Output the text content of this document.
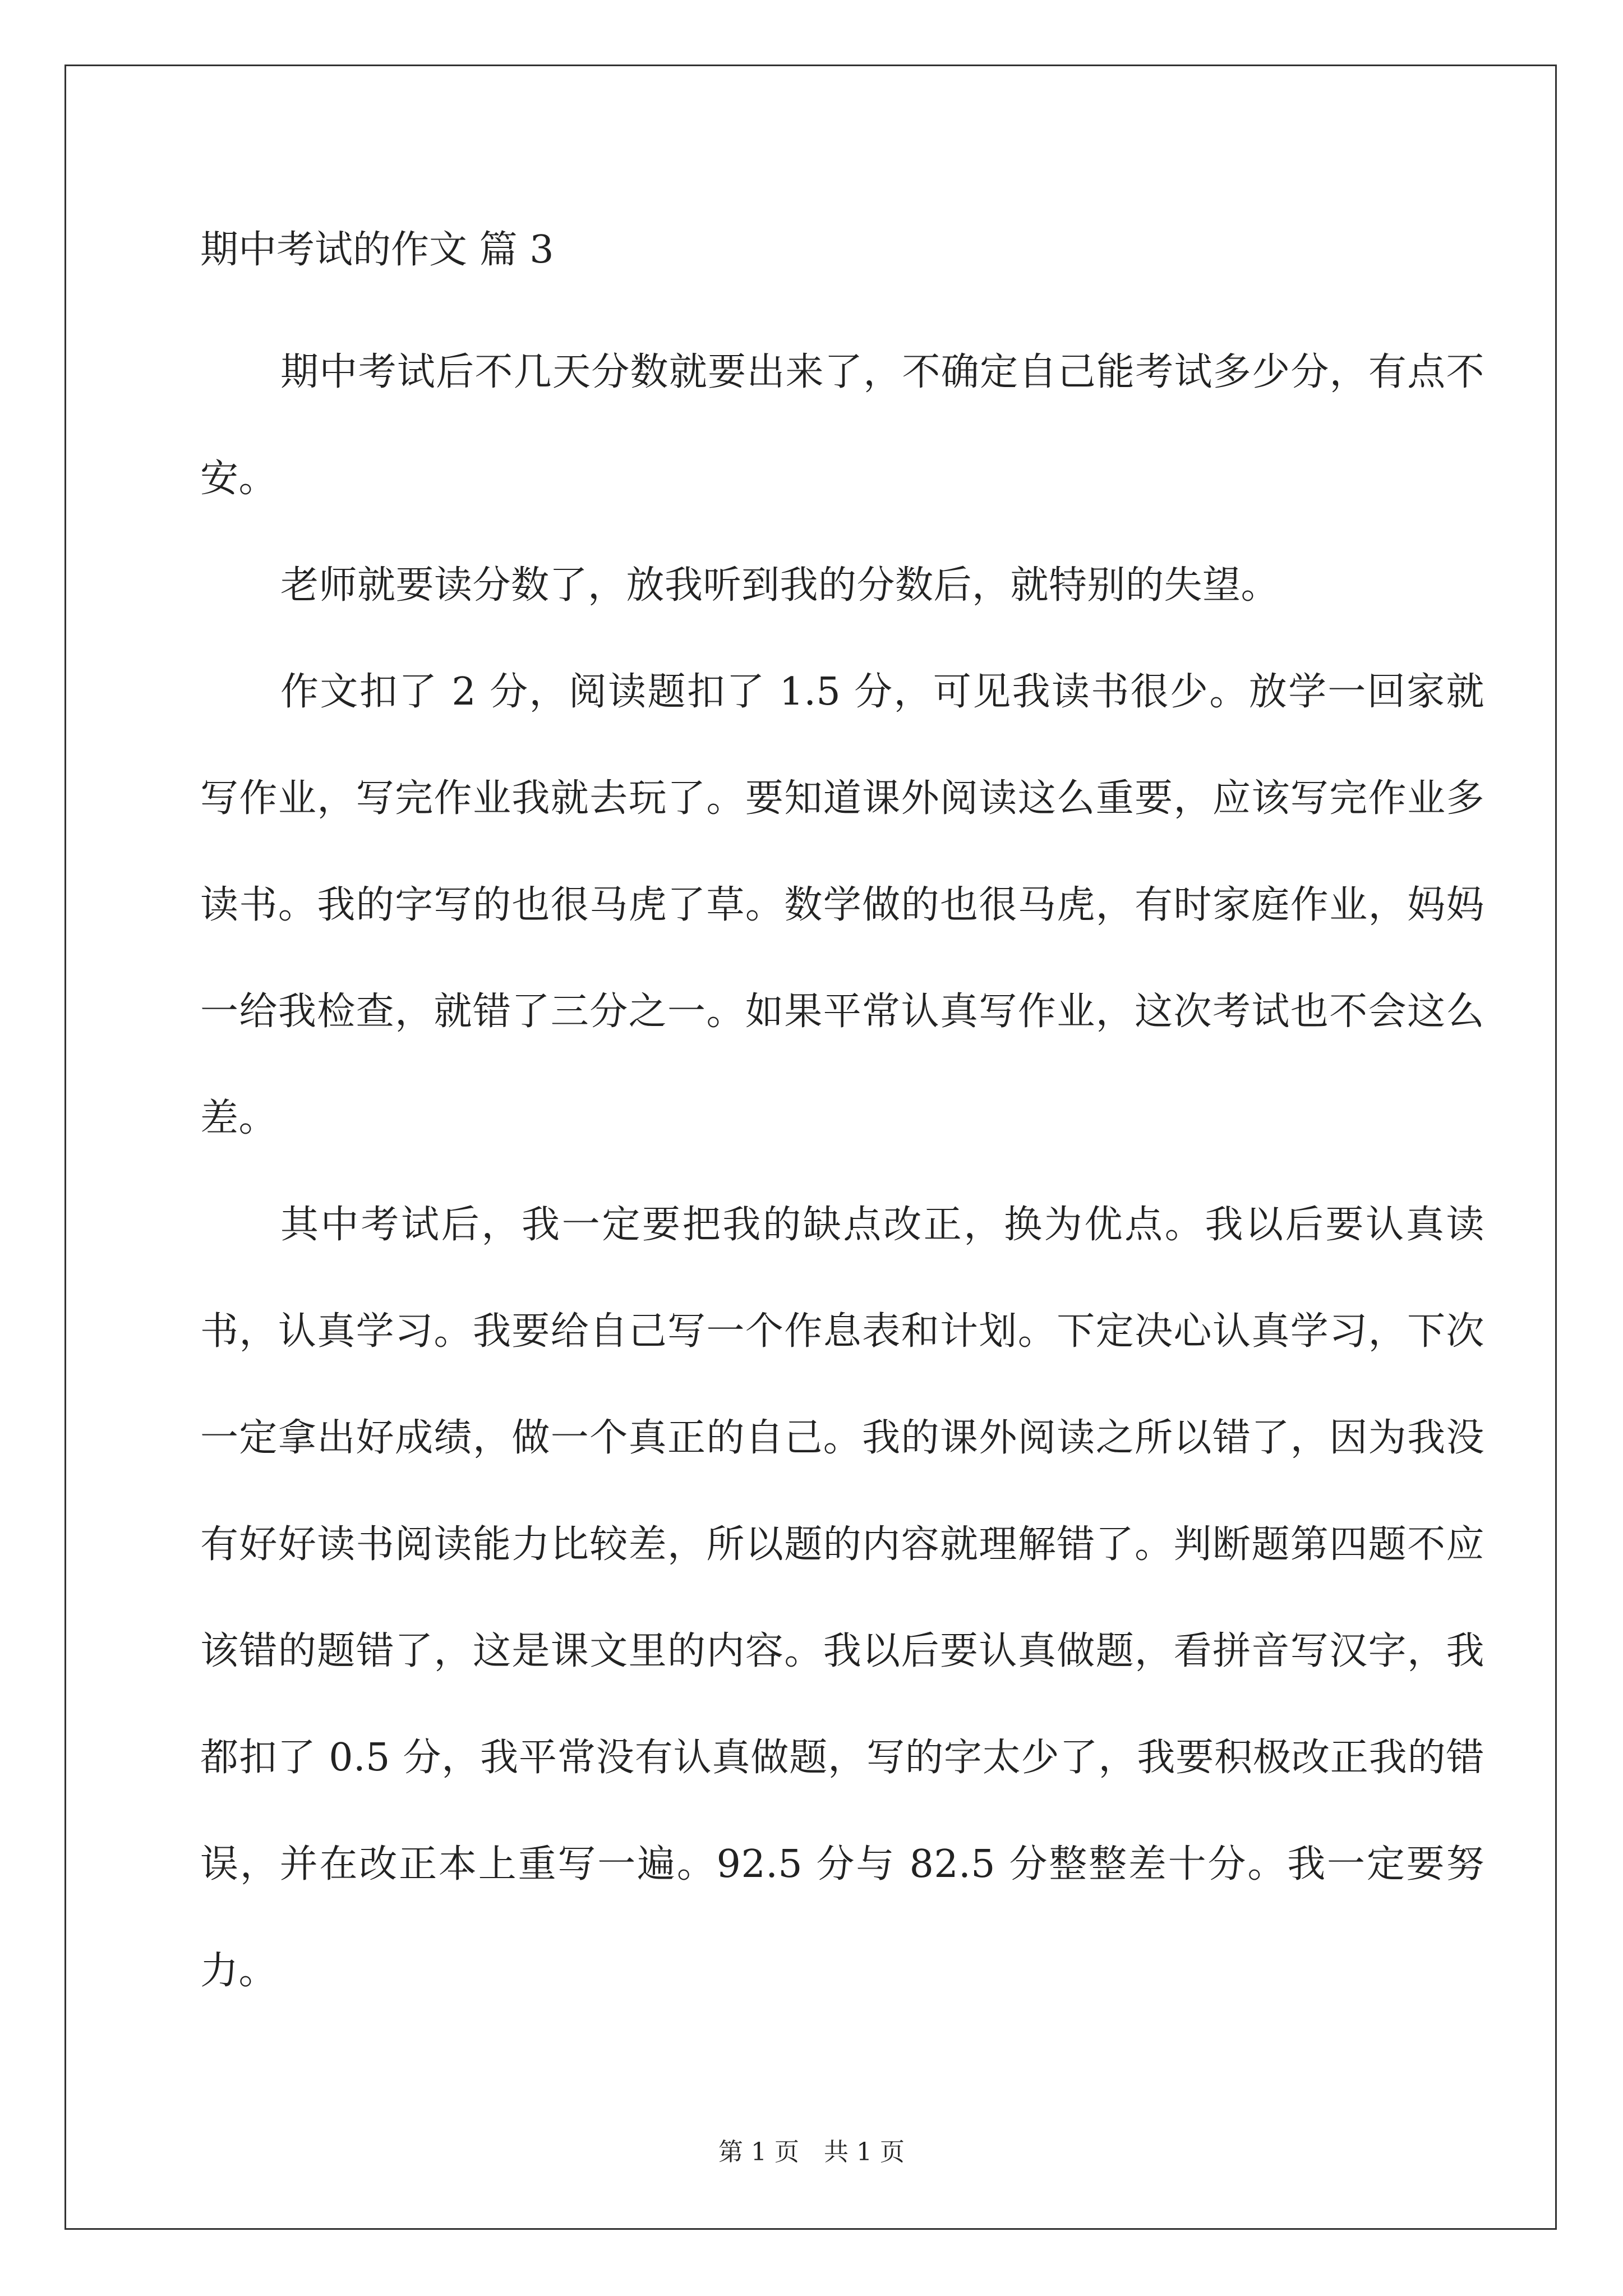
期中考试的作文 篇 3

期中考试后不几天分数就要出来了，不确定自己能考试多少分，有点不安。

老师就要读分数了，放我听到我的分数后，就特别的失望。

作文扣了 2 分，阅读题扣了 1.5 分，可见我读书很少。放学一回家就写作业，写完作业我就去玩了。要知道课外阅读这么重要，应该写完作业多读书。我的字写的也很马虎了草。数学做的也很马虎，有时家庭作业，妈妈一给我检查，就错了三分之一。如果平常认真写作业，这次考试也不会这么差。

其中考试后，我一定要把我的缺点改正，换为优点。我以后要认真读书，认真学习。我要给自己写一个作息表和计划。下定决心认真学习，下次一定拿出好成绩，做一个真正的自己。我的课外阅读之所以错了，因为我没有好好读书阅读能力比较差，所以题的内容就理解错了。判断题第四题不应该错的题错了，这是课文里的内容。我以后要认真做题，看拼音写汉字，我都扣了 0.5 分，我平常没有认真做题，写的字太少了，我要积极改正我的错误，并在改正本上重写一遍。92.5 分与 82.5 分整整差十分。我一定要努力。

第 1 页　共 1 页
